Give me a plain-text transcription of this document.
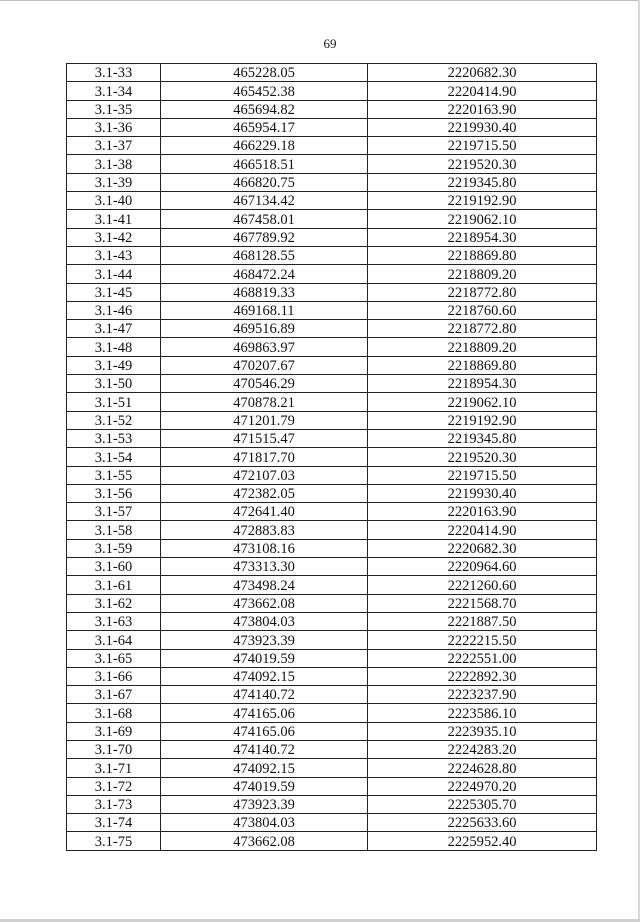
69
3.1-33	465228.05	2220682.30
3.1-34	465452.38	2220414.90
3.1-35	465694.82	2220163.90
3.1-36	465954.17	2219930.40
3.1-37	466229.18	2219715.50
3.1-38	466518.51	2219520.30
3.1-39	466820.75	2219345.80
3.1-40	467134.42	2219192.90
3.1-41	467458.01	2219062.10
3.1-42	467789.92	2218954.30
3.1-43	468128.55	2218869.80
3.1-44	468472.24	2218809.20
3.1-45	468819.33	2218772.80
3.1-46	469168.11	2218760.60
3.1-47	469516.89	2218772.80
3.1-48	469863.97	2218809.20
3.1-49	470207.67	2218869.80
3.1-50	470546.29	2218954.30
3.1-51	470878.21	2219062.10
3.1-52	471201.79	2219192.90
3.1-53	471515.47	2219345.80
3.1-54	471817.70	2219520.30
3.1-55	472107.03	2219715.50
3.1-56	472382.05	2219930.40
3.1-57	472641.40	2220163.90
3.1-58	472883.83	2220414.90
3.1-59	473108.16	2220682.30
3.1-60	473313.30	2220964.60
3.1-61	473498.24	2221260.60
3.1-62	473662.08	2221568.70
3.1-63	473804.03	2221887.50
3.1-64	473923.39	2222215.50
3.1-65	474019.59	2222551.00
3.1-66	474092.15	2222892.30
3.1-67	474140.72	2223237.90
3.1-68	474165.06	2223586.10
3.1-69	474165.06	2223935.10
3.1-70	474140.72	2224283.20
3.1-71	474092.15	2224628.80
3.1-72	474019.59	2224970.20
3.1-73	473923.39	2225305.70
3.1-74	473804.03	2225633.60
3.1-75	473662.08	2225952.40
